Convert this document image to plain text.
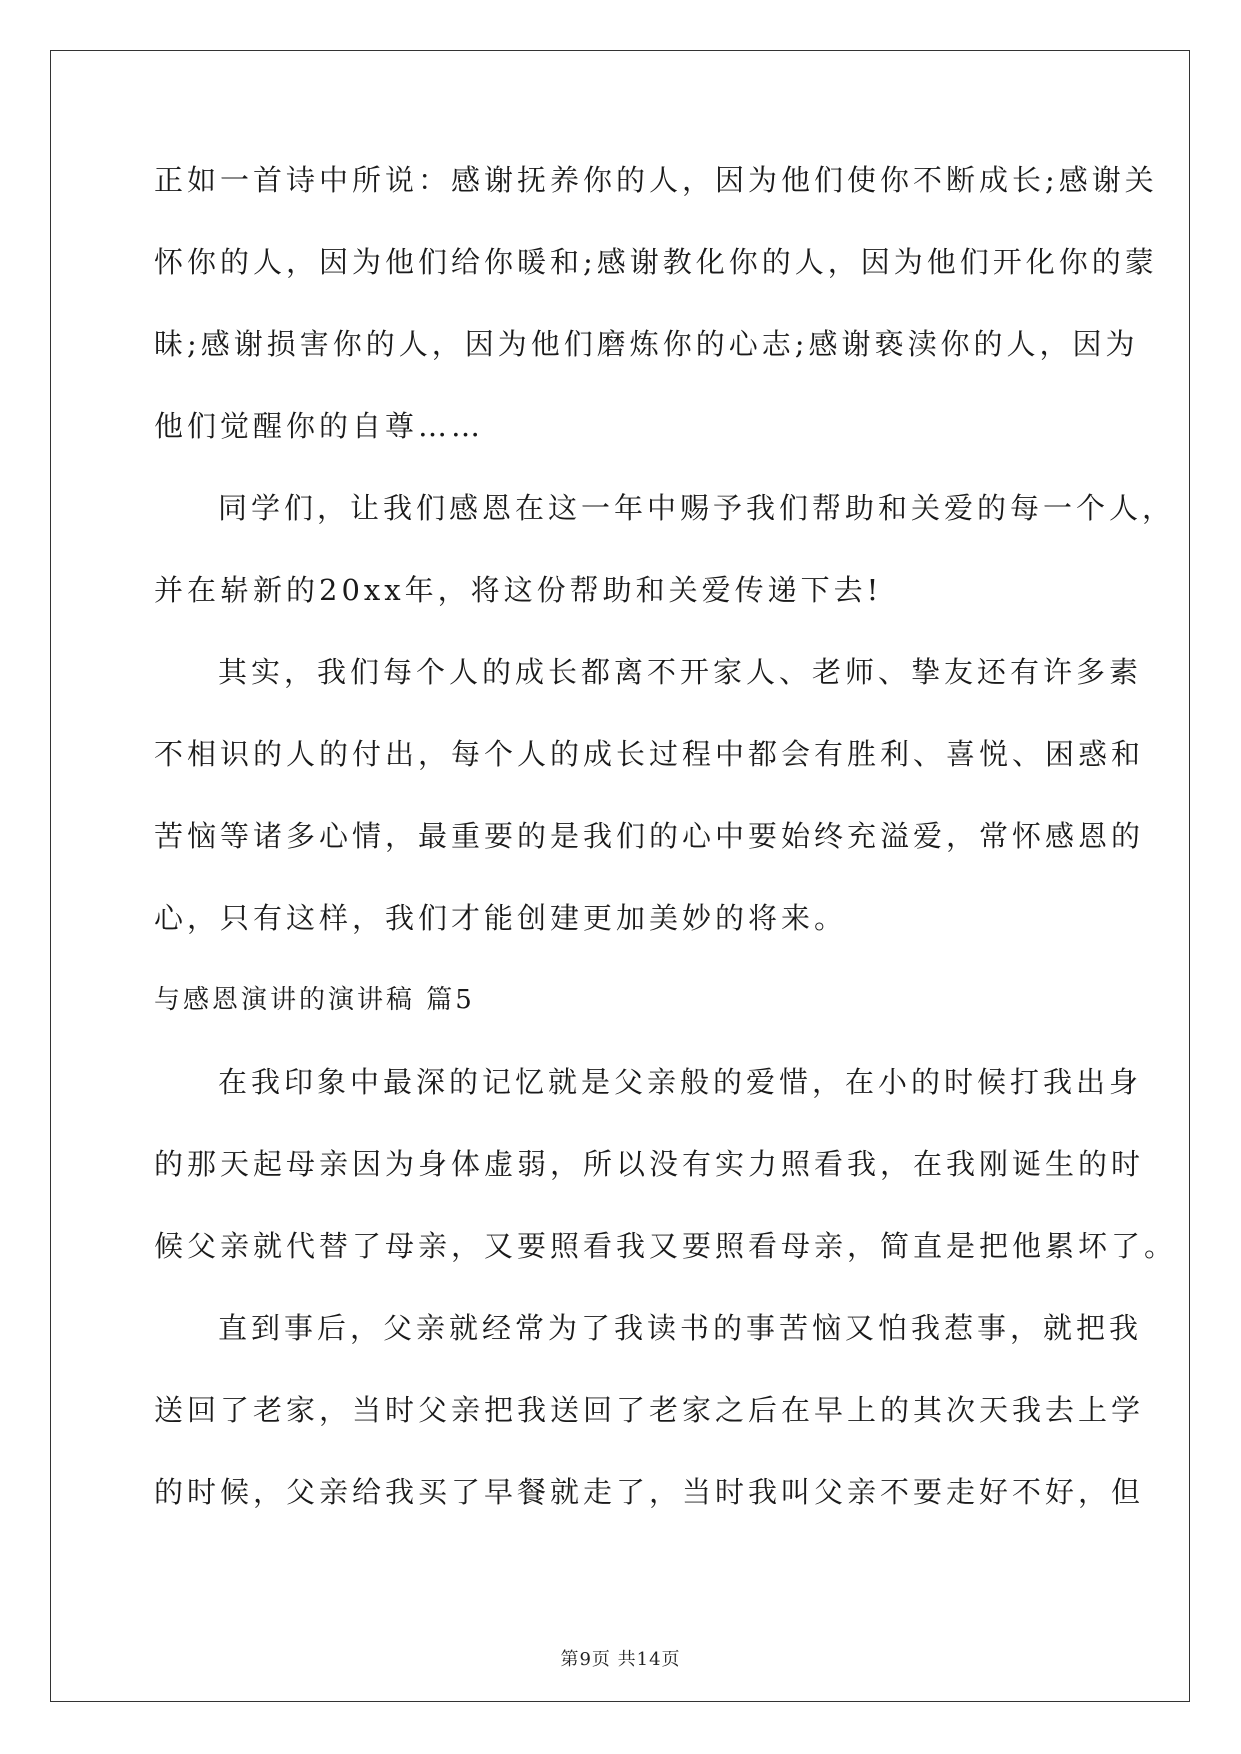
正如一首诗中所说：感谢抚养你的人，因为他们使你不断成长;感谢关
怀你的人，因为他们给你暖和;感谢教化你的人，因为他们开化你的蒙
昧;感谢损害你的人，因为他们磨炼你的心志;感谢亵渎你的人，因为
他们觉醒你的自尊……
同学们，让我们感恩在这一年中赐予我们帮助和关爱的每一个人，
并在崭新的20xx年，将这份帮助和关爱传递下去!
其实，我们每个人的成长都离不开家人、老师、挚友还有许多素
不相识的人的付出，每个人的成长过程中都会有胜利、喜悦、困惑和
苦恼等诸多心情，最重要的是我们的心中要始终充溢爱，常怀感恩的
心，只有这样，我们才能创建更加美妙的将来。
与感恩演讲的演讲稿 篇5
在我印象中最深的记忆就是父亲般的爱惜，在小的时候打我出身
的那天起母亲因为身体虚弱，所以没有实力照看我，在我刚诞生的时
候父亲就代替了母亲，又要照看我又要照看母亲，简直是把他累坏了。
直到事后，父亲就经常为了我读书的事苦恼又怕我惹事，就把我
送回了老家，当时父亲把我送回了老家之后在早上的其次天我去上学
的时候，父亲给我买了早餐就走了，当时我叫父亲不要走好不好，但
第9页 共14页
